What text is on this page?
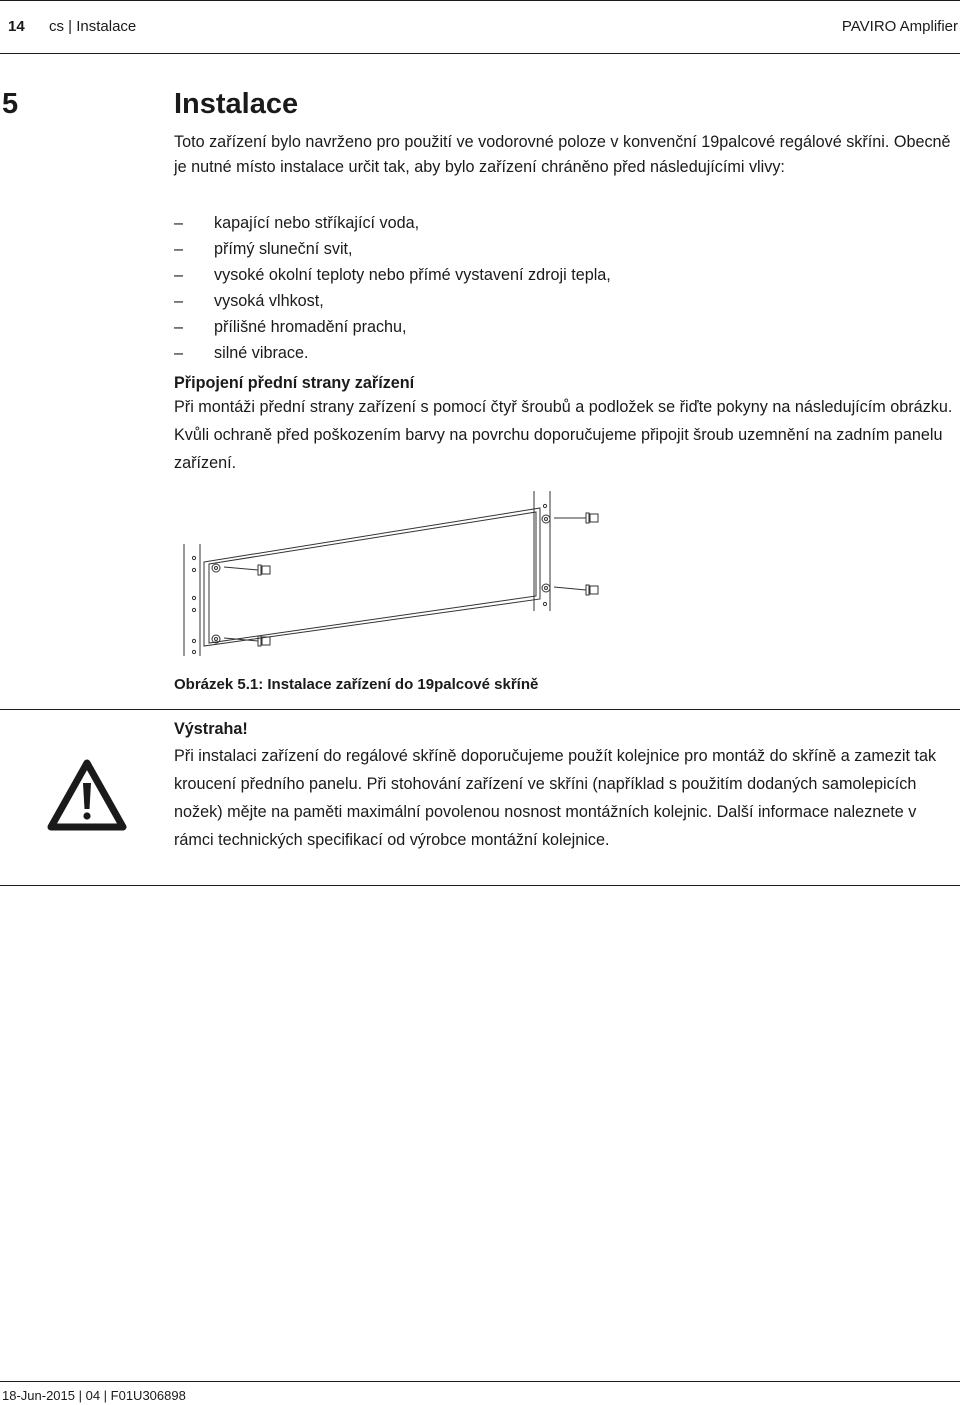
14 cs | Instalace	PAVIRO Amplifier
5	Instalace

Toto zařízení bylo navrženo pro použití ve vodorovné poloze v konvenční 19palcové regálové skříni. Obecně je nutné místo instalace určit tak, aby bylo zařízení chráněno před následujícími vlivy:

– kapající nebo stříkající voda,
– přímý sluneční svit,
– vysoké okolní teploty nebo přímé vystavení zdroji tepla,
– vysoká vlhkost,
– přílišné hromadění prachu,
– silné vibrace.
Připojení přední strany zařízení

Při montáži přední strany zařízení s pomocí čtyř šroubů a podložek se řiďte pokyny na následujícím obrázku. Kvůli ochraně před poškozením barvy na povrchu doporučujeme připojit šroub uzemnění na zadním panelu zařízení.

Obrázek 5.1: Instalace zařízení do 19palcové skříně
Výstraha!

Při instalaci zařízení do regálové skříně doporučujeme použít kolejnice pro montáž do skříně a zamezit tak kroucení předního panelu. Při stohování zařízení ve skříni (například s použitím dodaných samolepicích nožek) mějte na paměti maximální povolenou nosnost montážních kolejnic. Další informace naleznete v rámci technických specifikací od výrobce montážní kolejnice.

18-Jun-2015 | 04 | F01U306898
